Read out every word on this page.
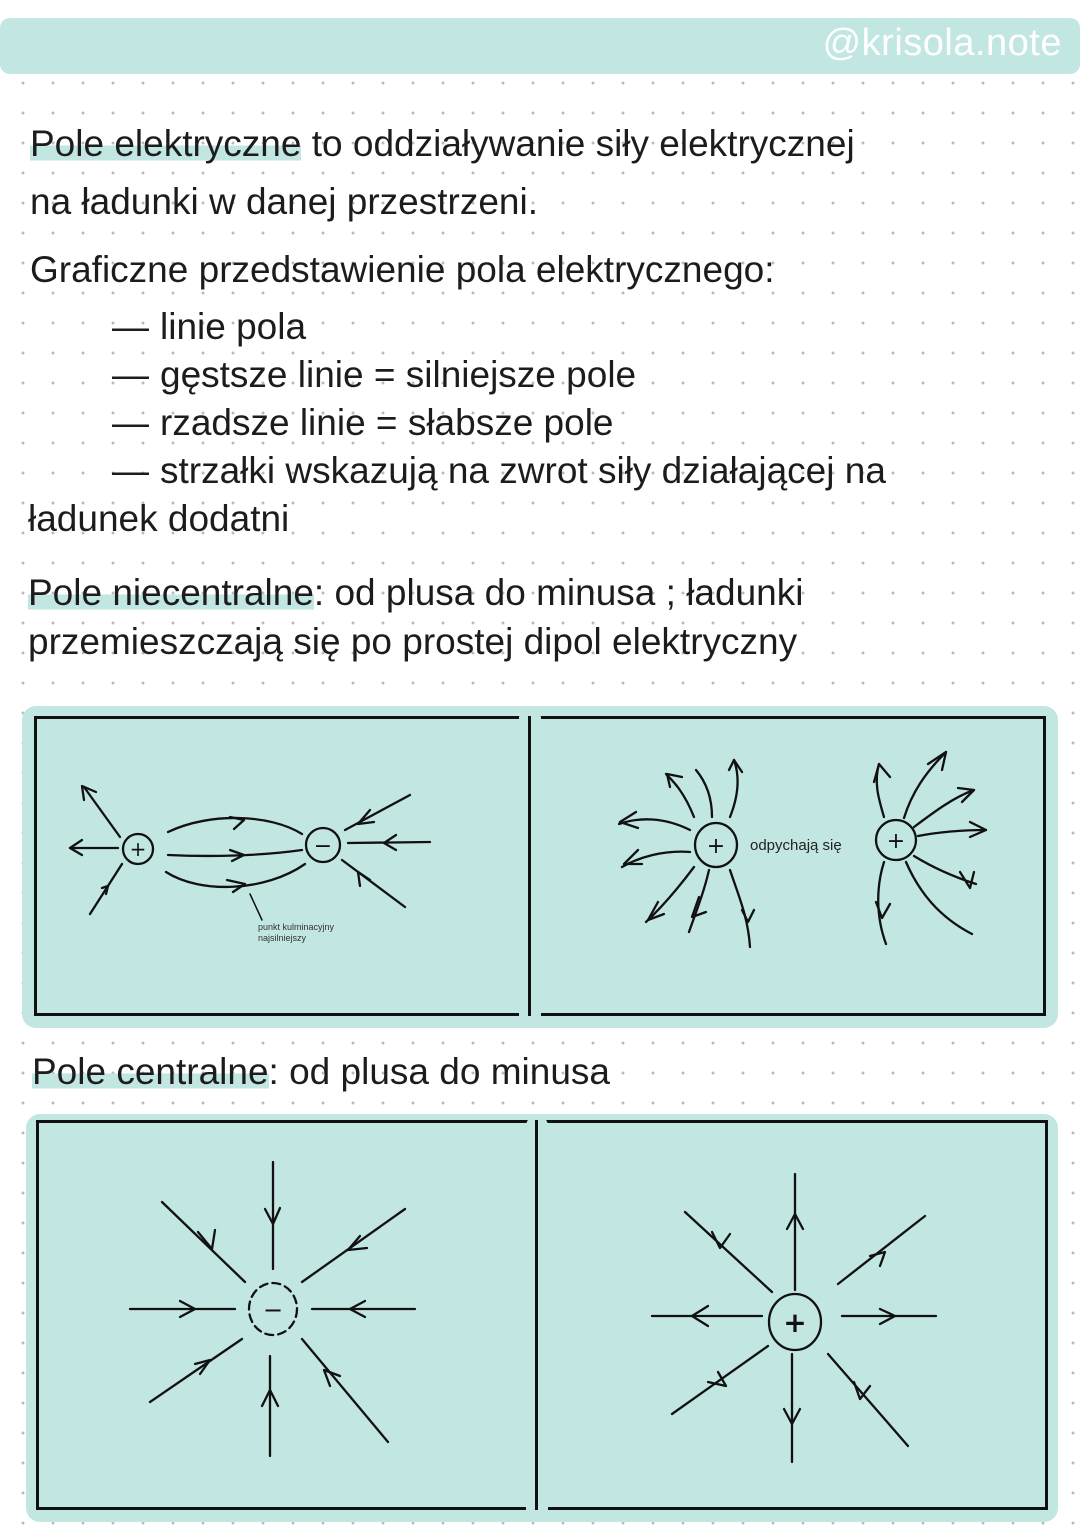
@krisola.note
Pole elektryczne to oddziaływanie siły elektrycznej
na ładunki w danej przestrzeni.
Graficzne przedstawienie pola elektrycznego:
— linie pola
— gęstsze linie = silniejsze pole
— rzadsze linie = słabsze pole
— strzałki wskazują na zwrot siły działającej na
ładunek dodatni
Pole niecentralne: od plusa do minusa ; ładunki
przemieszczają się po prostej dipol elektryczny
+	−
punkt kulminacyjny
najsilniejszy
+	+
odpychają się
Pole centralne: od plusa do minusa
−	+
